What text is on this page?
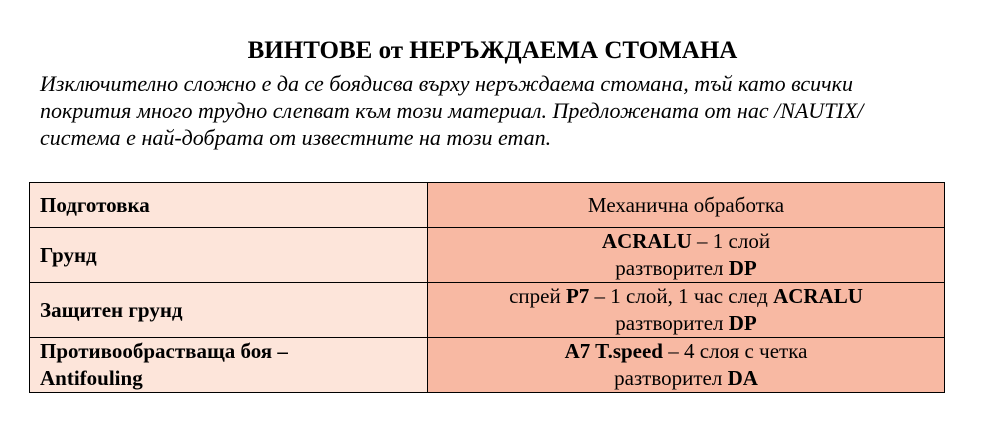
ВИНТОВЕ от НЕРЪЖДАЕМА СТОМАНА
Изключително сложно е да се боядисва върху неръждаема стомана, тъй като всички
покрития много трудно слепват към този материал. Предложената от нас /NAUTIX/
система е най-добрата от известните на този етап.
Подготовка	Механична обработка

Грунд	ACRALU – 1 слой
разтворител DP

Защитен грунд	спрей P7 – 1 слой, 1 час след ACRALU
разтворител DP

Противообрастваща боя –
Antifouling	A7 T.speed – 4 слоя с четка
разтворител DA
